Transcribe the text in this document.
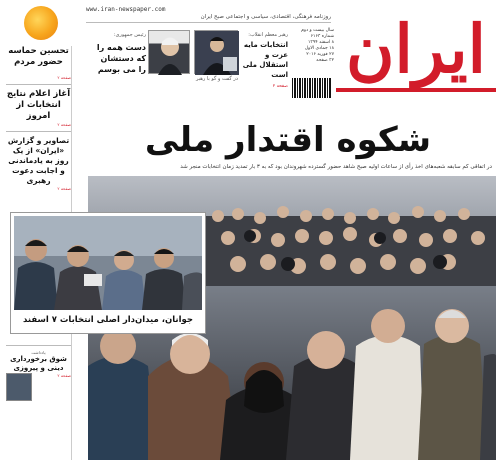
www.iran-newspaper.com
روزنامه فرهنگی، اقتصادی، سیاسی و اجتماعی صبح ایران ایران
سال بیست و دوم
شماره ۶۱۶۳
۸ اسفند ۱۳۹۴
۱۸ جمادی الاول
۲۷ فوریه ۲۰۱۶
۳۲ صفحه
رئیس جمهوری:
دست همه را که دستشان را می بوسم
در گفت و گو با رهبر
رهبر معظم انقلاب:
انتخابات مایه عزت و استقلال ملی است
صفحه ۲
تحسین حماسه حضور مردم
صفحه ۲
آغاز اعلام نتایج انتخابات از امروز
صفحه ۲
تصاویر و گزارش «ایران» از یک روز به یادماندنی و اجابت دعوت رهبری
صفحه ۲
یادداشت
شوق برخورداری دینی و پیروزی
صفحه ۲
شکوه اقتدار ملی
در اتفاقی کم سابقه شعبه‌های اخذ رأی از ساعات اولیه صبح شاهد حضور گسترده شهروندان بود که به ۳ بار تمدید زمان انتخابات منجر شد
جوانان، میدان‌دار اصلی انتخابات ۷ اسفند
